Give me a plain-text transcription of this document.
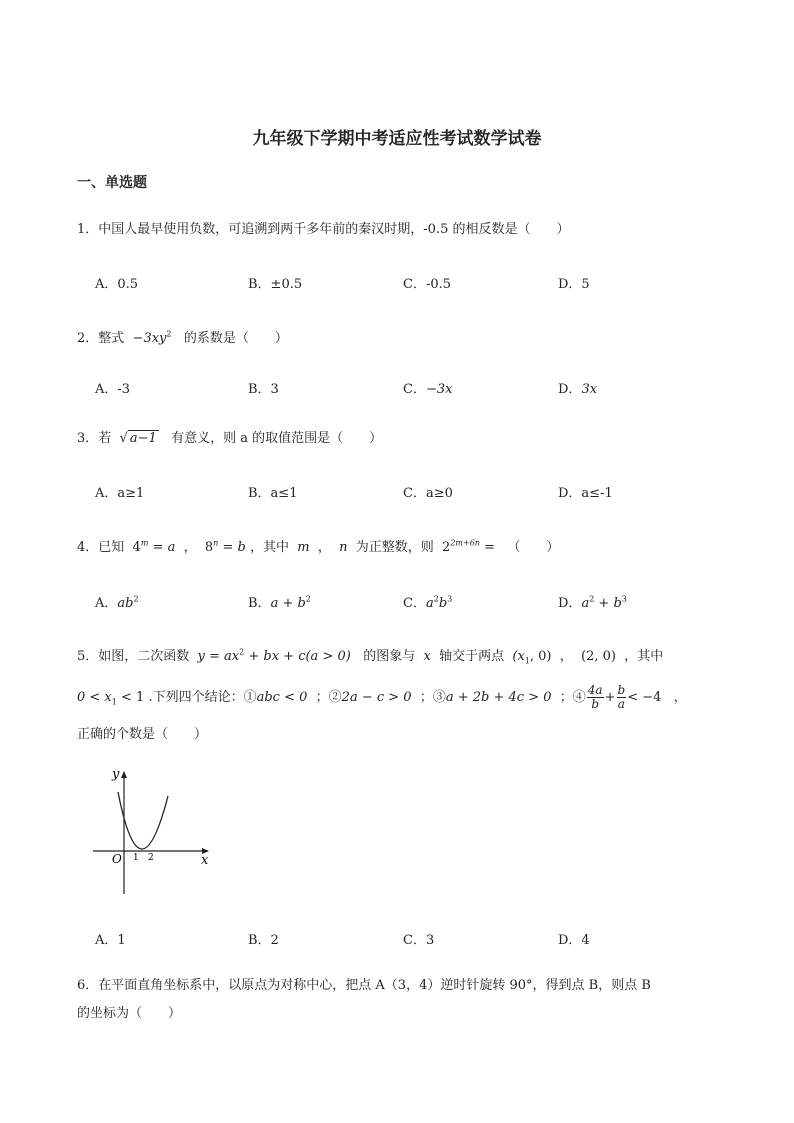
九年级下学期中考适应性考试数学试卷
一、单选题
1．中国人最早使用负数，可追溯到两千多年前的秦汉时期，-0.5 的相反数是（　　）
A．0.5	B．±0.5	C．-0.5	D．5
2．整式 $-3xy^2$ 的系数是（　　）
A．-3	B．3	C．−3x	D．3x
3．若 √ a−1 有意义，则 a 的取值范围是（　　）
A．a≥1	B．a≤1	C．a≥0	D．a≤-1
4．已知 $4^m = a$ ， $8^n = b$ ，其中 m ， n 为正整数，则 $2^{2m+6n}$ = （　　）
A．$ab^2$	B．$a + b^2$	C．$a^2b^3$	D．$a^2 + b^3$
5．如图，二次函数 $y = ax^2$ + bx + c(a > 0) 的图象与 x 轴交于两点 ($x_1$, 0) ， (2, 0) ，其中
$0 < x_1 < 1$ .下列四个结论：①abc < 0 ；②2a − c > 0 ；③a + 2b + 4c > 0 ；④ $\frac{4a}{b} + \frac{b}{a} < -4$ ，
正确的个数是（　　）
y
x
O 1 2
A．1	B．2	C．3	D．4
6．在平面直角坐标系中，以原点为对称中心，把点 A（3，4）逆时针旋转 90°，得到点 B，则点 B
的坐标为（　　）
